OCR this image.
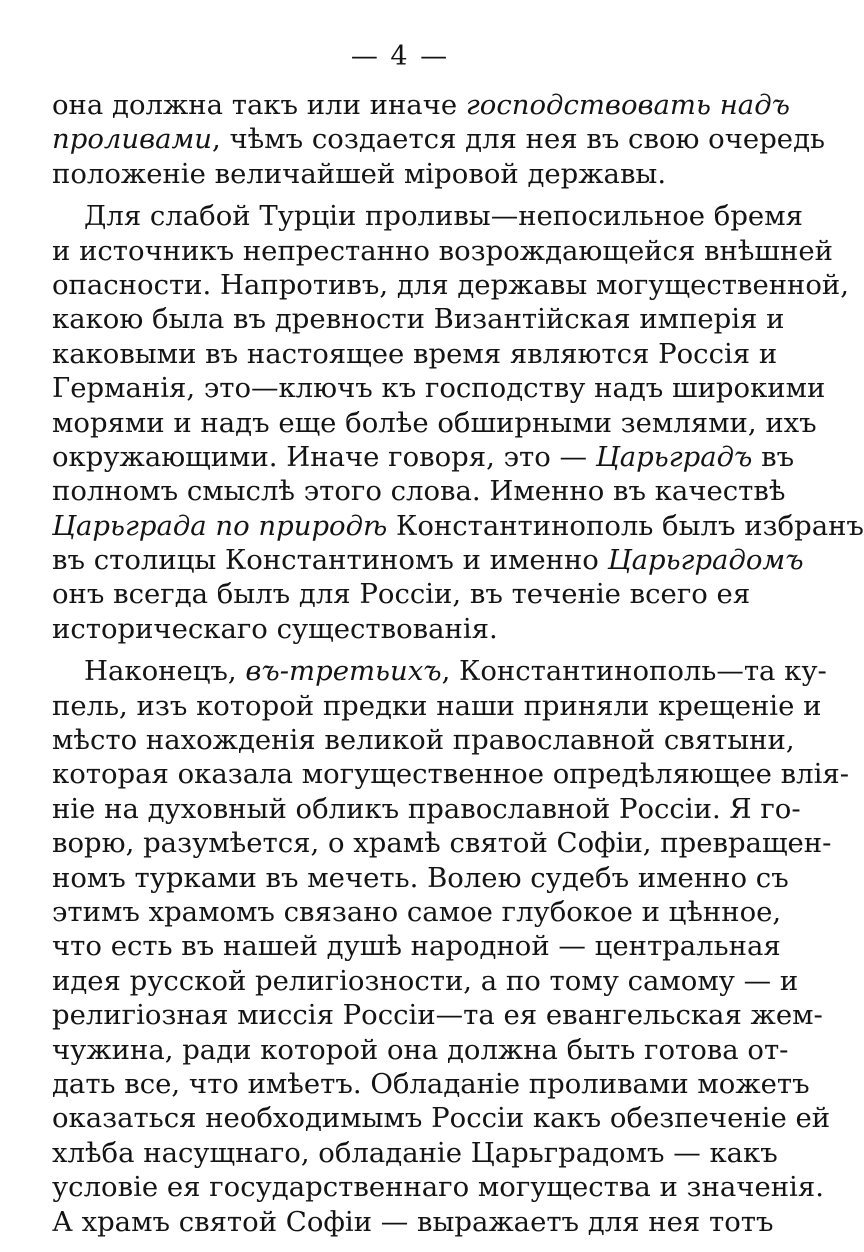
— 4 —
она должна такъ или иначе господствовать надъ
проливами, чѣмъ создается для нея въ свою очередь
положенiе величайшей мiровой державы.
Для слабой Турцiи проливы—непосильное бремя
и источникъ непрестанно возрождающейся внѣшней
опасности. Напротивъ, для державы могущественной,
какою была въ древности Византiйская имперiя и
каковыми въ настоящее время являются Россiя и
Германiя, это—ключъ къ господству надъ широкими
морями и надъ еще болѣе обширными землями, ихъ
окружающими. Иначе говоря, это — Царьградъ въ
полномъ смыслѣ этого слова. Именно въ качествѣ
Царьграда по природѣ Константинополь былъ избранъ
въ столицы Константиномъ и именно Царьградомъ
онъ всегда былъ для Россiи, въ теченiе всего ея
историческаго существованiя.
Наконецъ, въ-третьихъ, Константинополь—та ку-
пель, изъ которой предки наши приняли крещенiе и
мѣсто нахожденiя великой православной святыни,
которая оказала могущественное опредѣляющее влiя-
нiе на духовный обликъ православной Россiи. Я го-
ворю, разумѣется, о храмѣ святой Софiи, превращен-
номъ турками въ мечеть. Волею судебъ именно съ
этимъ храмомъ связано самое глубокое и цѣнное,
что есть въ нашей душѣ народной — центральная
идея русской религiозности, а по тому самому — и
религiозная миссiя Россiи—та ея евангельская жем-
чужина, ради которой она должна быть готова от-
дать все, что имѣетъ. Обладанiе проливами можетъ
оказаться необходимымъ Россiи какъ обезпеченiе ей
хлѣба насущнаго, обладанiе Царьградомъ — какъ
условiе ея государственнаго могущества и значенiя.
А храмъ святой Софiи — выражаетъ для нея тотъ
